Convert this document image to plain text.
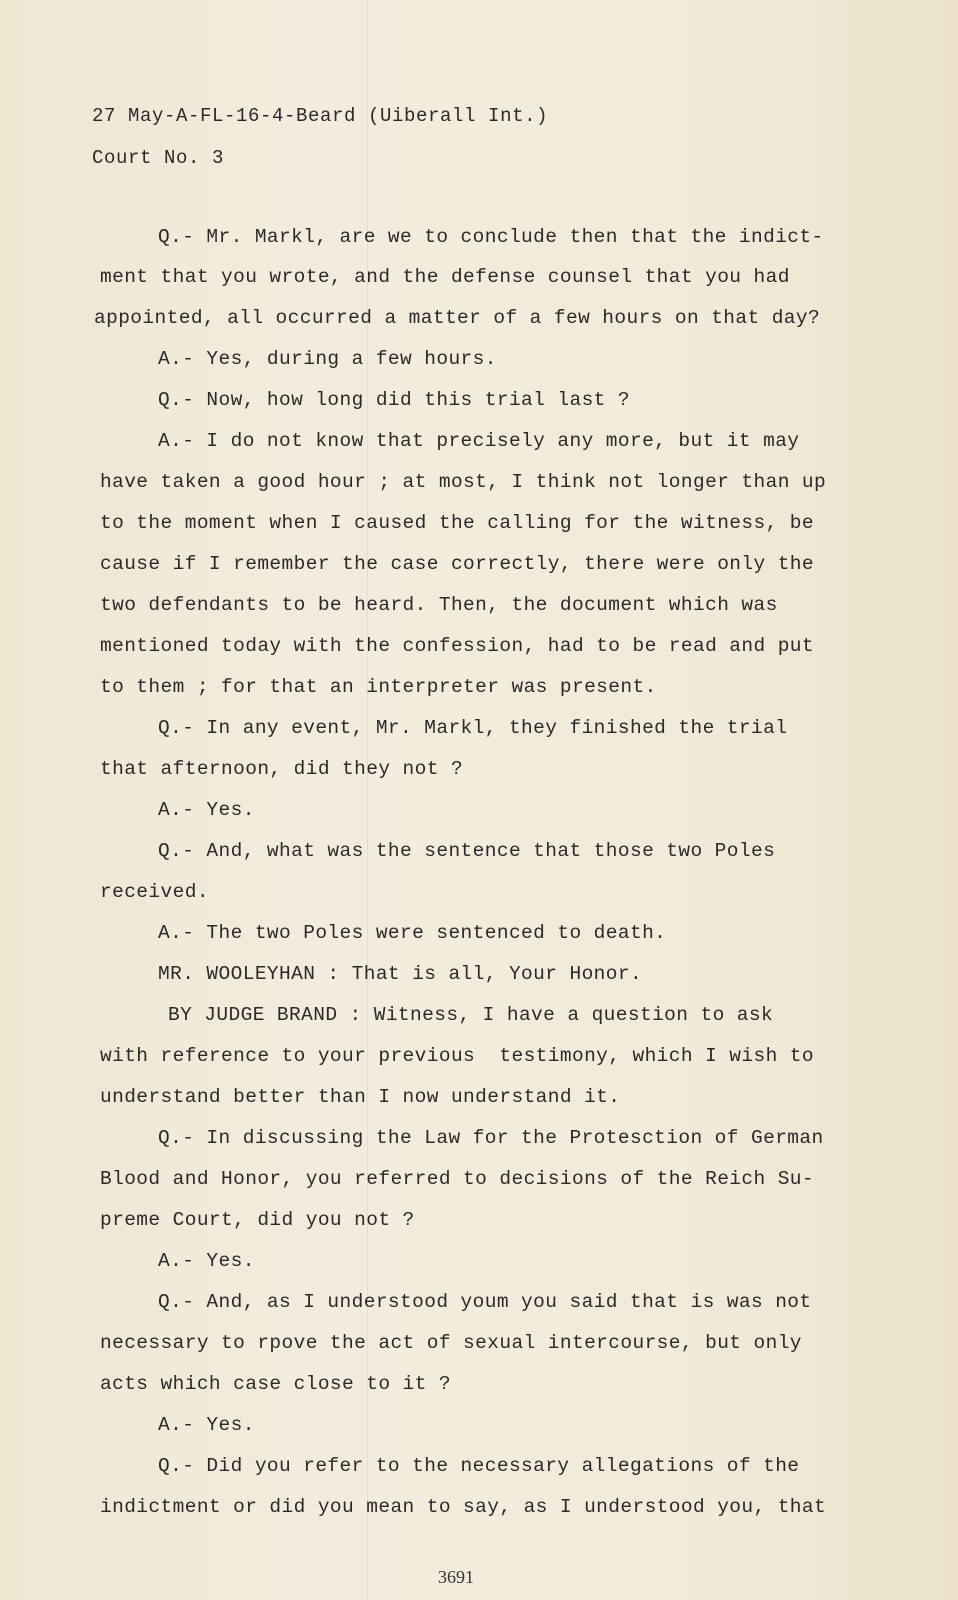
27 May-A-FL-16-4-Beard (Uiberall Int.)
Court No. 3
Q.- Mr. Markl, are we to conclude then that the indict-
ment that you wrote, and the defense counsel that you had
appointed, all occurred a matter of a few hours on that day?
A.- Yes, during a few hours.
Q.- Now, how long did this trial last ?
A.- I do not know that precisely any more, but it may
have taken a good hour ; at most, I think not longer than up
to the moment when I caused the calling for the witness, be
cause if I remember the case correctly, there were only the
two defendants to be heard. Then, the document which was
mentioned today with the confession, had to be read and put
to them ; for that an interpreter was present.
Q.- In any event, Mr. Markl, they finished the trial
that afternoon, did they not ?
A.- Yes.
Q.- And, what was the sentence that those two Poles
received.
A.- The two Poles were sentenced to death.
MR. WOOLEYHAN : That is all, Your Honor.
BY JUDGE BRAND : Witness, I have a question to ask
with reference to your previous  testimony, which I wish to
understand better than I now understand it.
Q.- In discussing the Law for the Protesction of German
Blood and Honor, you referred to decisions of the Reich Su-
preme Court, did you not ?
A.- Yes.
Q.- And, as I understood youm you said that is was not
necessary to rpove the act of sexual intercourse, but only
acts which case close to it ?
A.- Yes.
Q.- Did you refer to the necessary allegations of the
indictment or did you mean to say, as I understood you, that
3691
